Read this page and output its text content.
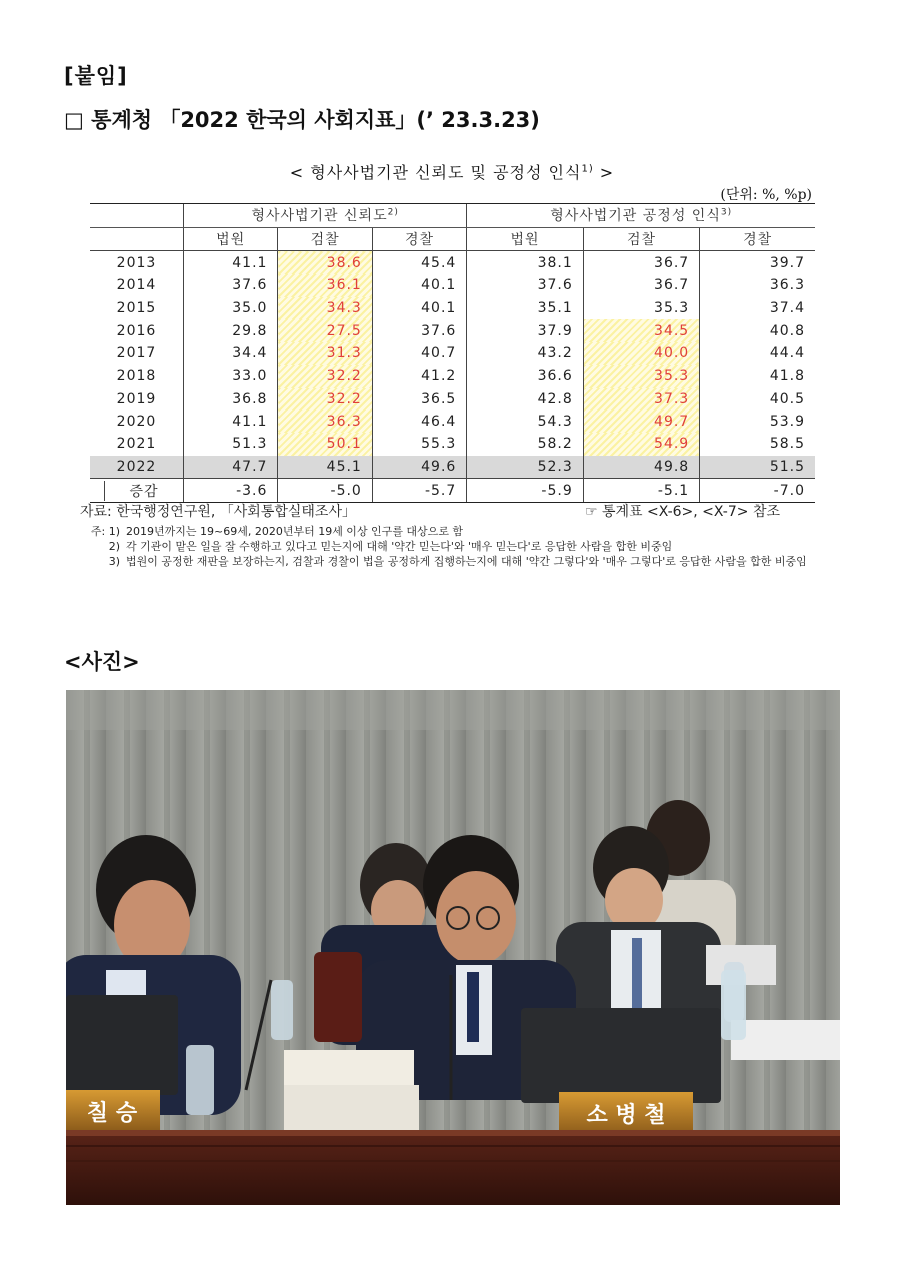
[붙임]
□ 통계청 「2022 한국의 사회지표」(’ 23.3.23)
< 형사사법기관 신뢰도 및 공정성 인식$^{1)}$ >
(단위: %, %p)
	형사사법기관 신뢰도$^{2)}$			형사사법기관 공정성 인식$^{3)}$
	법원	검찰	경찰	법원	검찰	경찰
2013	41.1	38.6	45.4	38.1	36.7	39.7
2014	37.6	36.1	40.1	37.6	36.7	36.3
2015	35.0	34.3	40.1	35.1	35.3	37.4
2016	29.8	27.5	37.6	37.9	34.5	40.8
2017	34.4	31.3	40.7	43.2	40.0	44.4
2018	33.0	32.2	41.2	36.6	35.3	41.8
2019	36.8	32.2	36.5	42.8	37.3	40.5
2020	41.1	36.3	46.4	54.3	49.7	53.9
2021	51.3	50.1	55.3	58.2	54.9	58.5
2022	47.7	45.1	49.6	52.3	49.8	51.5
증감	-3.6	-5.0	-5.7	-5.9	-5.1	-7.0
자료: 한국행정연구원, 「사회통합실태조사」	☞ 통계표 <X-6>, <X-7> 참조
주: 1) 2019년까지는 19~69세, 2020년부터 19세 이상 인구를 대상으로 함
2) 각 기관이 맡은 일을 잘 수행하고 있다고 믿는지에 대해 '약간 믿는다'와 '매우 믿는다'로 응답한 사람을 합한 비중임
3) 법원이 공정한 재판을 보장하는지, 검찰과 경찰이 법을 공정하게 집행하는지에 대해 '약간 그렇다'와 '매우 그렇다'로 응답한 사람을 합한 비중임
<사진>
칠 승	소 병 철
